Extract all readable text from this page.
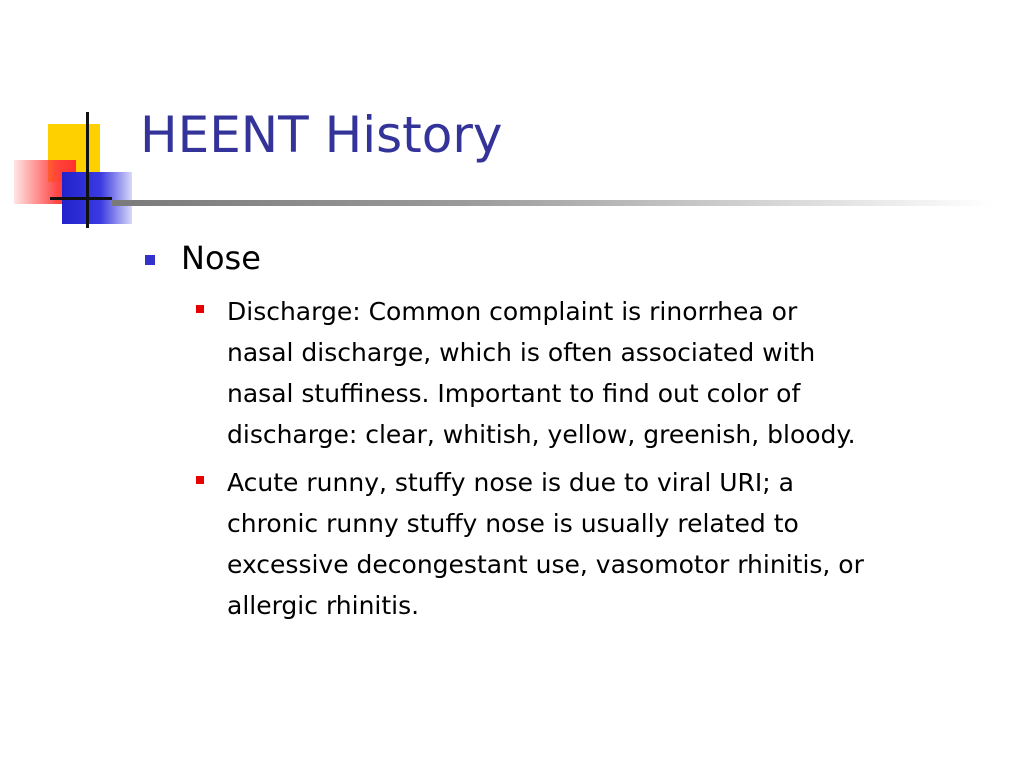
HEENT History
Nose
Discharge: Common complaint is rinorrhea or
nasal discharge, which is often associated with
nasal stuffiness. Important to find out color of
discharge: clear, whitish, yellow, greenish, bloody.
Acute runny, stuffy nose is due to viral URI; a
chronic runny stuffy nose is usually related to
excessive decongestant use, vasomotor rhinitis, or
allergic rhinitis.
